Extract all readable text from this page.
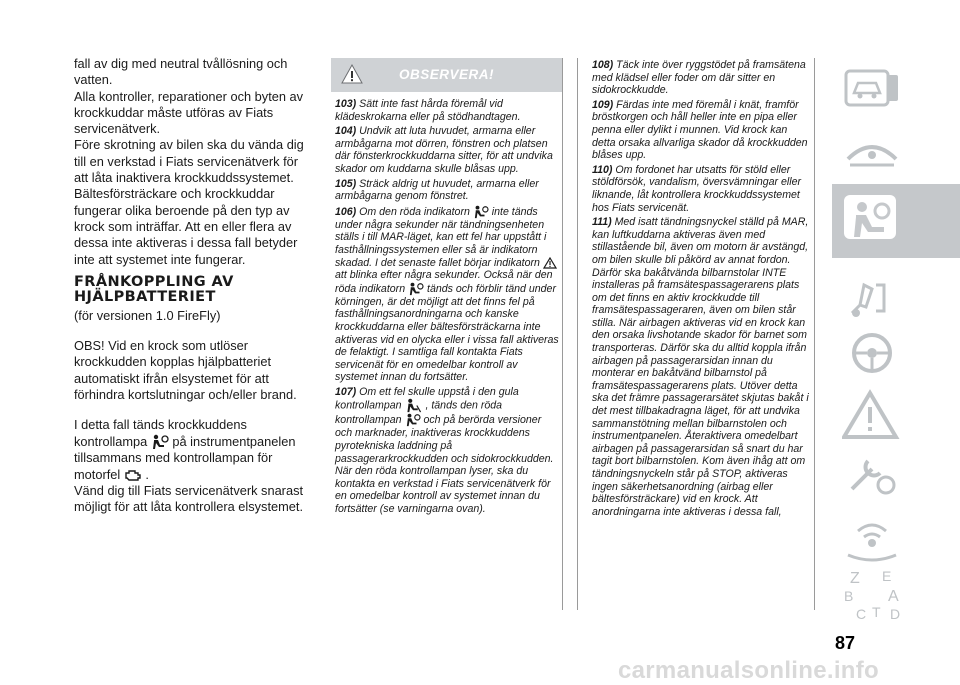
fall av dig med neutral tvållösning och vatten.

Alla kontroller, reparationer och byten av krockkuddar måste utföras av Fiats servicenätverk.

Före skrotning av bilen ska du vända dig till en verkstad i Fiats servicenätverk för att låta inaktivera krockkuddssystemet.

Bältesförsträckare och krockkuddar fungerar olika beroende på den typ av krock som inträffar. Att en eller flera av dessa inte aktiveras i dessa fall betyder inte att systemet inte fungerar.

FRÅNKOPPLING AV HJÄLPBATTERIET

(för versionen 1.0 FireFly)

OBS! Vid en krock som utlöser krockkudden kopplas hjälpbatteriet automatiskt ifrån elsystemet för att förhindra kortslutningar och/eller brand.

I detta fall tänds krockkuddens kontrollampa på instrumentpanelen tillsammans med kontrollampan för motorfel .

Vänd dig till Fiats servicenätverk snarast möjligt för att låta kontrollera elsystemet.

OBSERVERA!

103) Sätt inte fast hårda föremål vid klädeskrokarna eller på stödhandtagen.

104) Undvik att luta huvudet, armarna eller armbågarna mot dörren, fönstren och platsen där fönsterkrockkuddarna sitter, för att undvika skador om kuddarna skulle blåsas upp.

105) Sträck aldrig ut huvudet, armarna eller armbågarna genom fönstret.

106) Om den röda indikatorn inte tänds under några sekunder när tändningsenheten ställs i till MAR-läget, kan ett fel har uppstått i fasthållningssystemen eller så är indikatorn skadad. I det senaste fallet börjar indikatorn  att blinka efter några sekunder. Också när den röda indikatorn tänds och förblir tänd under körningen, är det möjligt att det finns fel på fasthållningsanordningarna och kanske krockkuddarna eller bältesförsträckarna inte aktiveras vid en olycka eller i vissa fall aktiveras de felaktigt. I samtliga fall kontakta Fiats servicenät för en omedelbar kontroll av systemet innan du fortsätter.

107) Om ett fel skulle uppstå i den gula kontrollampan , tänds den röda kontrollampan och på berörda versioner och marknader, inaktiveras krockkuddens pyrotekniska laddning på passagerarkrockkudden och sidokrockkudden. När den röda kontrollampan lyser, ska du kontakta en verkstad i Fiats servicenätverk för en omedelbar kontroll av systemet innan du fortsätter (se varningarna ovan).

108) Täck inte över ryggstödet på framsätena med klädsel eller foder om där sitter en sidokrockkudde.

109) Färdas inte med föremål i knät, framför bröstkorgen och håll heller inte en pipa eller penna eller dylikt i munnen. Vid krock kan detta orsaka allvarliga skador då krockkudden blåses upp.

110) Om fordonet har utsatts för stöld eller stöldförsök, vandalism, översvämningar eller liknande, låt kontrollera krockkuddssystemet hos Fiats servicenät.

111) Med isatt tändningsnyckel ställd på MAR, kan luftkuddarna aktiveras även med stillastående bil, även om motorn är avstängd, om bilen skulle bli påkörd av annat fordon. Därför ska bakåtvända bilbarnstolar INTE installeras på framsätespassagerarens plats om det finns en aktiv krockkudde till framsätespassageraren, även om bilen står stilla. När airbagen aktiveras vid en krock kan den orsaka livshotande skador för barnet som transporteras. Därför ska du alltid koppla ifrån airbagen på passagerarsidan innan du monterar en bakåtvänd bilbarnstol på framsätespassagerarens plats. Utöver detta ska det främre passagerarsätet skjutas bakåt i det mest tillbakadragna läget, för att undvika sammanstötning mellan bilbarnstolen och instrumentpanelen. Återaktivera omedelbart airbagen på passagerarsidan så snart du har tagit bort bilbarnstolen. Kom även ihåg att om tändningsnyckeln står på STOP, aktiveras ingen säkerhetsanordning (airbag eller bältesförsträckare) vid en krock. Att anordningarna inte aktiveras i dessa fall,

Z E
B A
C T D
87
carmanualsonline.info
